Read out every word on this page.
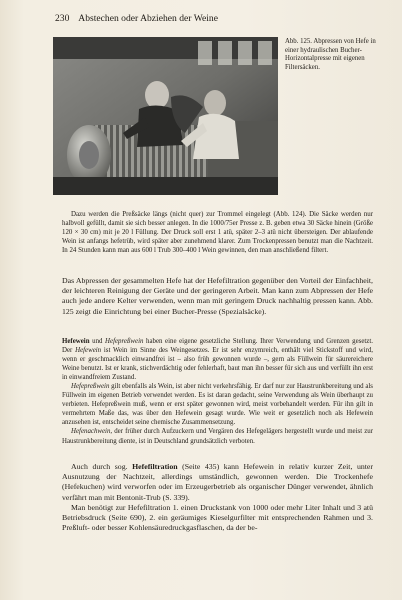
230 Abstechen oder Abziehen der Weine
Abb. 125. Abpressen von Hefe in einer hydraulischen Bucher-Horizontalpresse mit eigenen Filtersäcken.

Dazu werden die Preßsäcke längs (nicht quer) zur Trommel eingelegt (Abb. 124). Die Säcke werden nur halbvoll gefüllt, damit sie sich besser anlegen. In die 1000/75er Presse z. B. geben etwa 30 Säcke hinein (Größe 120 × 30 cm) mit je 20 l Füllung. Der Druck soll erst 1 atü, später 2–3 atü nicht übersteigen. Der ablaufende Wein ist anfangs hefetrüb, wird später aber zunehmend klarer. Zum Trockenpressen benutzt man die Nachtzeit. In 24 Stunden kann man aus 600 l Trub 300–400 l Wein gewinnen, den man anschließend filtert.

Das Abpressen der gesammelten Hefe hat der Hefefiltration gegenüber den Vorteil der Einfachheit, der leichteren Reinigung der Geräte und der geringeren Arbeit. Man kann zum Abpressen der Hefe auch jede andere Kelter verwenden, wenn man mit geringem Druck nachhaltig pressen kann. Abb. 125 zeigt die Einrichtung bei einer Bucher-Presse (Spezialsäcke).

Hefewein und Hefepreßwein haben eine eigene gesetzliche Stellung. Ihrer Verwendung und Grenzen gesetzt. Der Hefewein ist Wein im Sinne des Weingesetzes. Er ist sehr enzymreich, enthält viel Stickstoff und wird, wenn er geschmacklich einwandfrei ist – also früh gewonnen wurde –, gern als Füllwein für säurereichere Weine benutzt. Ist er krank, stichverdächtig oder fehlerhaft, baut man ihn besser für sich aus und verfüllt ihn erst in einwandfreiem Zustand.

Hefepreßwein gilt ebenfalls als Wein, ist aber nicht verkehrsfähig. Er darf nur zur Haustrunkbereitung und als Füllwein im eigenen Betrieb verwendet werden. Es ist daran gedacht, seine Verwendung als Wein überhaupt zu verbieten. Hefepreßwein muß, wenn er erst später gewonnen wird, meist vorbehandelt werden. Für ihn gilt in vermehrtem Maße das, was über den Hefewein gesagt wurde. Wie weit er gesetzlich noch als Hefewein anzusehen ist, entscheidet seine chemische Zusammensetzung.

Hefenachwein, der früher durch Aufzuckern und Vergären des Hefegelägers hergestellt wurde und meist zur Haustrunkbereitung diente, ist in Deutschland grundsätzlich verboten.

Auch durch sog. Hefefiltration (Seite 435) kann Hefewein in relativ kurzer Zeit, unter Ausnutzung der Nachtzeit, allerdings umständlich, gewonnen werden. Die Trockenhefe (Hefekuchen) wird verworfen oder im Erzeugerbetrieb als organischer Dünger verwendet, ähnlich verfährt man mit Bentonit-Trub (S. 339).

Man benötigt zur Hefefiltration 1. einen Druckstank von 1000 oder mehr Liter Inhalt und 3 atü Betriebsdruck (Seite 690), 2. ein geräumiges Kieselgurfilter mit entsprechenden Rahmen und 3. Preßluft- oder besser Kohlensäuredruckgasflaschen, da der be-
